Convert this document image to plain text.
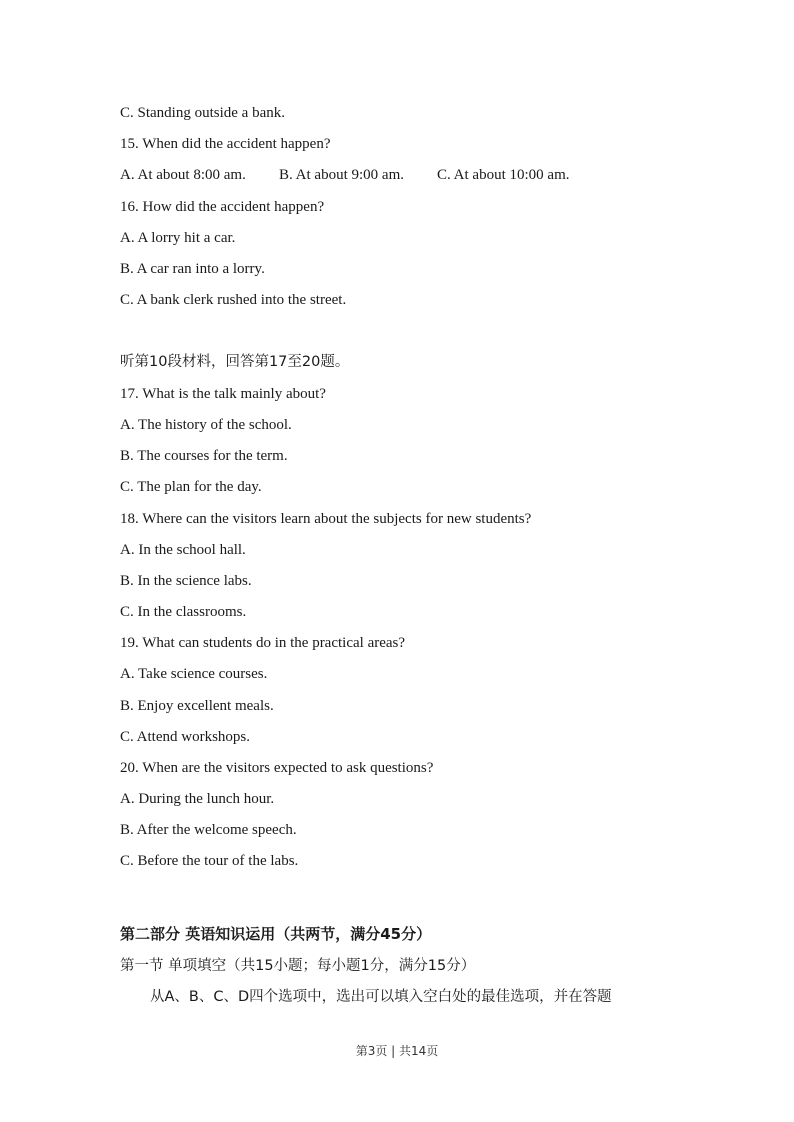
C. Standing outside a bank.
15. When did the accident happen?
A. At about 8:00 am. B. At about 9:00 am. C. At about 10:00 am.
16. How did the accident happen?
A. A lorry hit a car.
B. A car ran into a lorry.
C. A bank clerk rushed into the street.
听第10段材料，回答第17至20题。
17. What is the talk mainly about?
A. The history of the school.
B. The courses for the term.
C. The plan for the day.
18. Where can the visitors learn about the subjects for new students?
A. In the school hall.
B. In the science labs.
C. In the classrooms.
19. What can students do in the practical areas?
A. Take science courses.
B. Enjoy excellent meals.
C. Attend workshops.
20. When are the visitors expected to ask questions?
A. During the lunch hour.
B. After the welcome speech.
C. Before the tour of the labs.
第二部分 英语知识运用（共两节，满分45分）
第一节 单项填空（共15小题；每小题1分，满分15分）
从A、B、C、D四个选项中，选出可以填入空白处的最佳选项，并在答题
第3页 | 共14页
